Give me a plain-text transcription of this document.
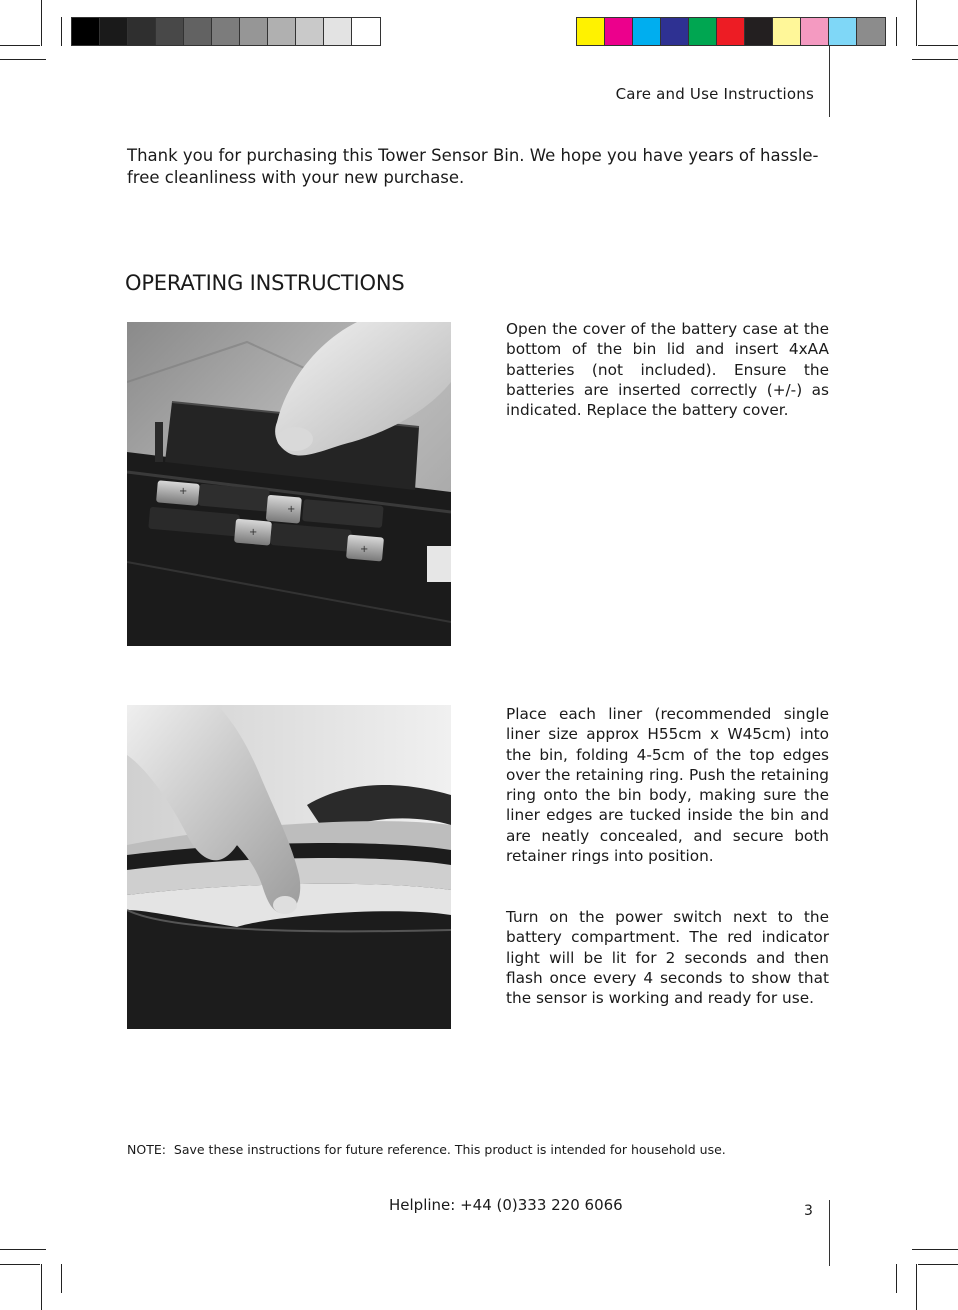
Care and Use Instructions
Thank you for purchasing this Tower Sensor Bin. We hope you have years of hassle-free cleanliness with your new purchase.
OPERATING INSTRUCTIONS
+
+
+
+
Open the cover of the battery case at the bottom of the bin lid and insert 4xAA batteries (not included). Ensure the batteries are inserted correctly (+/-) as indicated. Replace the battery cover.
Place each liner (recommended single liner size approx H55cm x W45cm) into the bin, folding 4-5cm of the top edges over the retaining ring. Push the retaining ring onto the bin body, making sure the liner edges are tucked inside the bin and are neatly concealed, and secure both retainer rings into position.
Turn on the power switch next to the battery compartment. The red indicator light will be lit for 2 seconds and then flash once every 4 seconds to show that the sensor is working and ready for use.
NOTE: Save these instructions for future reference. This product is intended for household use.
Helpline: +44 (0)333 220 6066	3
